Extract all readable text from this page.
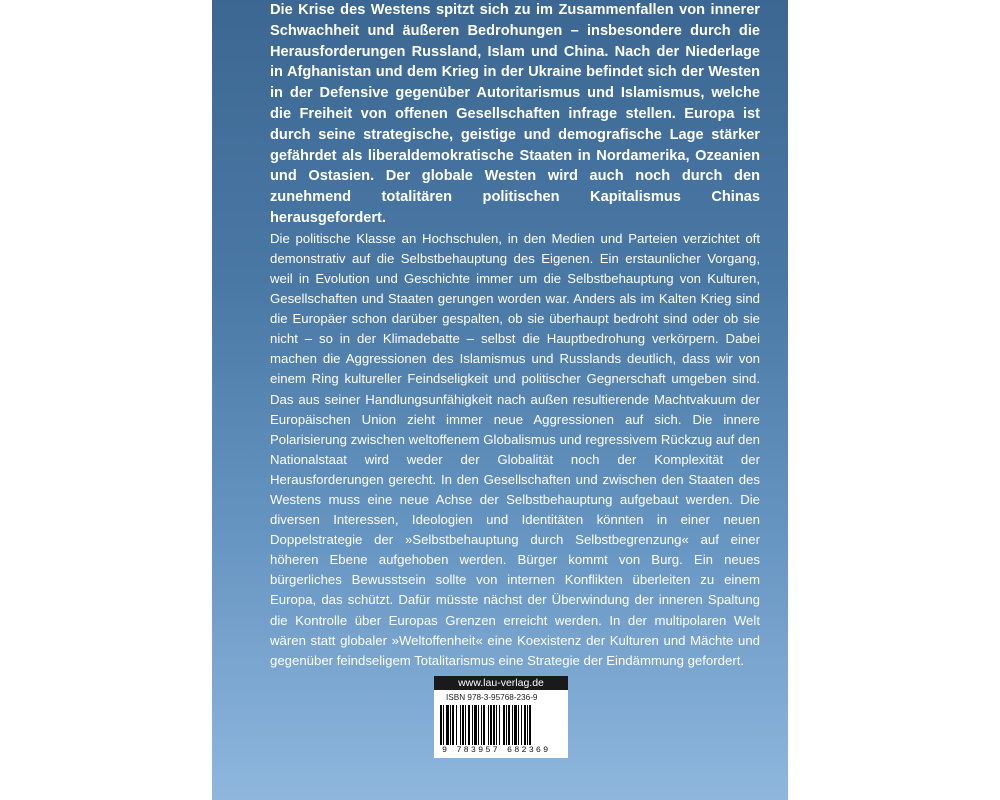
Die Krise des Westens spitzt sich zu im Zusammenfallen von innerer Schwachheit und äußeren Bedrohungen – insbesondere durch die Herausforderungen Russland, Islam und China. Nach der Niederlage in Afghanistan und dem Krieg in der Ukraine befindet sich der Westen in der Defensive gegenüber Autoritarismus und Islamismus, welche die Freiheit von offenen Gesellschaften infrage stellen. Europa ist durch seine strategische, geistige und demografische Lage stärker gefährdet als liberaldemokratische Staaten in Nordamerika, Ozeanien und Ostasien. Der globale Westen wird auch noch durch den zunehmend totalitären politischen Kapitalismus Chinas herausgefordert.

Die politische Klasse an Hochschulen, in den Medien und Parteien verzichtet oft demonstrativ auf die Selbstbehauptung des Eigenen. Ein erstaunlicher Vorgang, weil in Evolution und Geschichte immer um die Selbstbehauptung von Kulturen, Gesellschaften und Staaten gerungen worden war. Anders als im Kalten Krieg sind die Europäer schon darüber gespalten, ob sie überhaupt bedroht sind oder ob sie nicht – so in der Klimadebatte – selbst die Hauptbedrohung verkörpern. Dabei machen die Aggressionen des Islamismus und Russlands deutlich, dass wir von einem Ring kultureller Feindseligkeit und politischer Gegnerschaft umgeben sind. Das aus seiner Handlungsunfähigkeit nach außen resultierende Machtvakuum der Europäischen Union zieht immer neue Aggressionen auf sich. Die innere Polarisierung zwischen weltoffenem Globalismus und regressivem Rückzug auf den Nationalstaat wird weder der Globalität noch der Komplexität der Herausforderungen gerecht. In den Gesellschaften und zwischen den Staaten des Westens muss eine neue Achse der Selbstbehauptung aufgebaut werden. Die diversen Interessen, Ideologien und Identitäten könnten in einer neuen Doppelstrategie der »Selbstbehauptung durch Selbstbegrenzung« auf einer höheren Ebene aufgehoben werden. Bürger kommt von Burg. Ein neues bürgerliches Bewusstsein sollte von internen Konflikten überleiten zu einem Europa, das schützt. Dafür müsste nächst der Überwindung der inneren Spaltung die Kontrolle über Europas Grenzen erreicht werden. In der multipolaren Welt wären statt globaler »Weltoffenheit« eine Koexistenz der Kulturen und Mächte und gegenüber feindseligem Totalitarismus eine Strategie der Eindämmung gefordert.

www.lau-verlag.de
ISBN 978-3-95768-236-9
9 783957 682369
